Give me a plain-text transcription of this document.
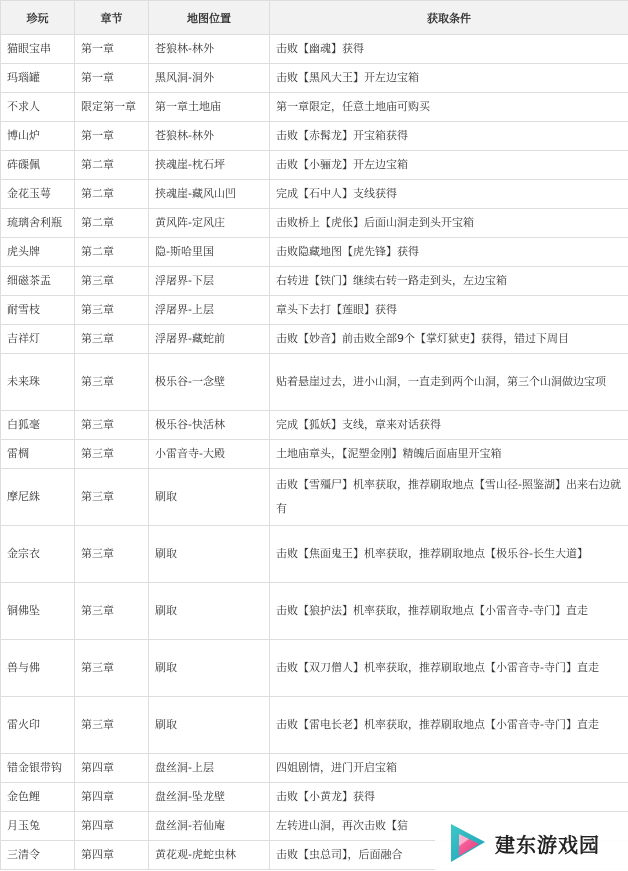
珍玩	章节	地图位置	获取条件
猫眼宝串	第一章	苍狼林-林外	击败【幽魂】获得
玛瑙罐	第一章	黑风洞-洞外	击败【黑风大王】开左边宝箱
不求人	限定第一章	第一章土地庙	第一章限定，任意土地庙可购买
博山炉	第一章	苍狼林-林外	击败【赤髯龙】开宝箱获得
砗磲佩	第二章	挟魂崖-枕石坪	击败【小骊龙】开左边宝箱
金花玉萼	第二章	挟魂崖-藏风山凹	完成【石中人】支线获得
琉璃舍利瓶	第二章	黄风阵-定风庄	击败桥上【虎伥】后面山洞走到头开宝箱
虎头牌	第二章	隐-斯哈里国	击败隐藏地图【虎先锋】获得
细磁茶盂	第三章	浮屠界-下层	右转进【铁门】继续右转一路走到头，左边宝箱
耐雪枝	第三章	浮屠界-上层	章头下去打【莲眼】获得
吉祥灯	第三章	浮屠界-藏蛇前	击败【妙音】前击败全部9个【掌灯狱吏】获得，错过下周目
未来珠	第三章	极乐谷-一念壁	贴着悬崖过去，进小山洞，一直走到两个山洞，第三个山洞做边宝项
白狐毫	第三章	极乐谷-快活林	完成【狐妖】支线，章来对话获得
雷椆	第三章	小雷音寺-大殿	土地庙章头，【泥塑金刚】精魄后面庙里开宝箱
摩尼絑	第三章	刷取	击败【雪殭尸】机率获取，推荐刷取地点【雪山径-照鉴湖】出来右边就有
金宗衣	第三章	刷取	击败【焦面鬼王】机率获取，推荐刷取地点【极乐谷-长生大道】
铜佛坠	第三章	刷取	击败【狼护法】机率获取，推荐刷取地点【小雷音寺-寺门】直走
兽与佛	第三章	刷取	击败【双刀僧人】机率获取，推荐刷取地点【小雷音寺-寺门】直走
雷火印	第三章	刷取	击败【雷电长老】机率获取，推荐刷取地点【小雷音寺-寺门】直走
错金银带钩	第四章	盘丝洞-上层	四姐剧情，进门开启宝箱
金色鲤	第四章	盘丝洞-坠龙壁	击败【小黄龙】获得
月玉兔	第四章	盘丝洞-若仙庵	左转进山洞，再次击败【狺
三清令	第四章	黄花观-虎蛇虫林	击败【虫总司】，后面融合	建东游戏园
